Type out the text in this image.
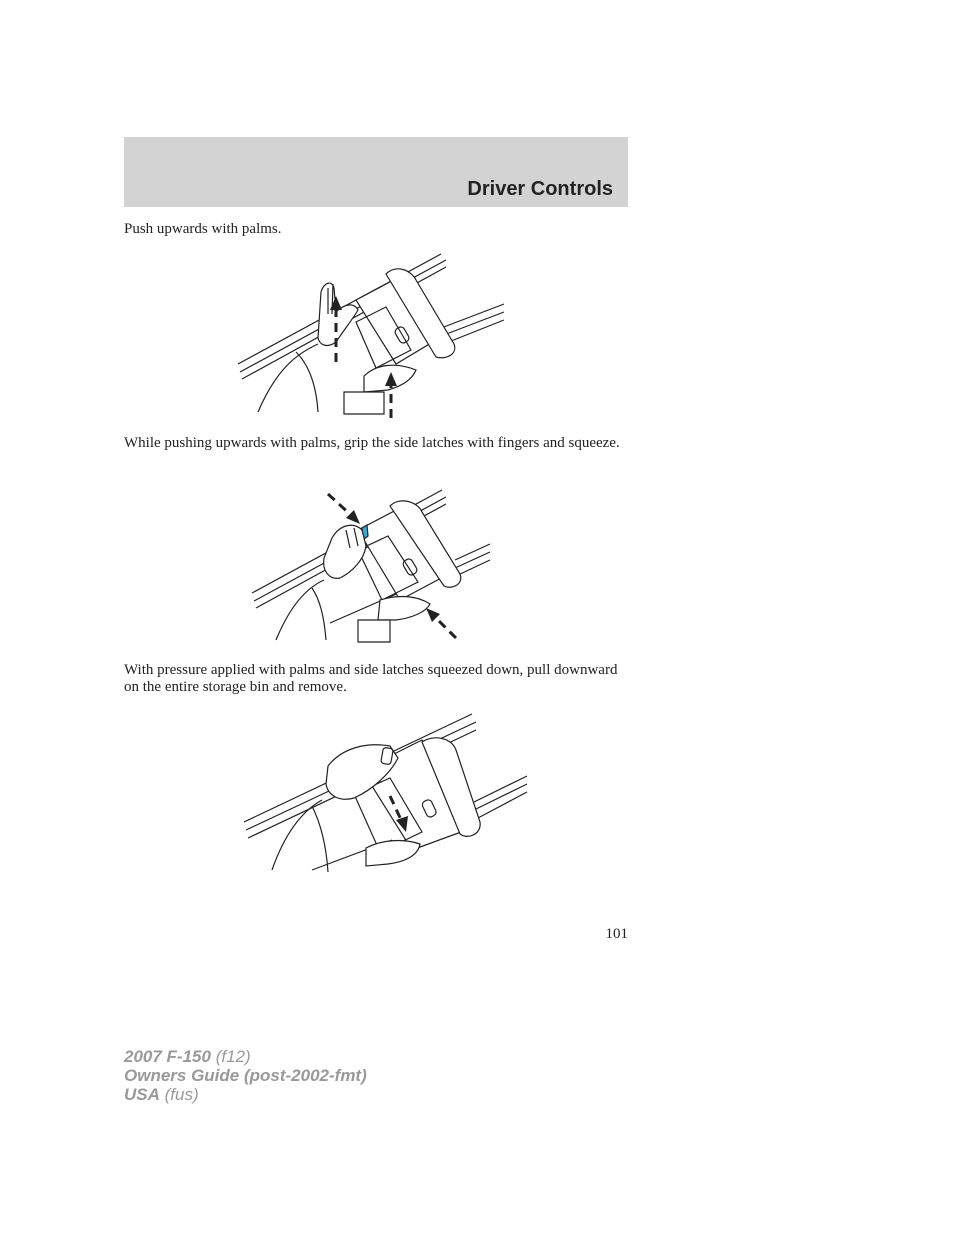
Driver Controls

Push upwards with palms.

While pushing upwards with palms, grip the side latches with fingers and squeeze.

With pressure applied with palms and side latches squeezed down, pull downward on the entire storage bin and remove.

101
2007 F-150 (f12)
Owners Guide (post-2002-fmt)
USA (fus)
